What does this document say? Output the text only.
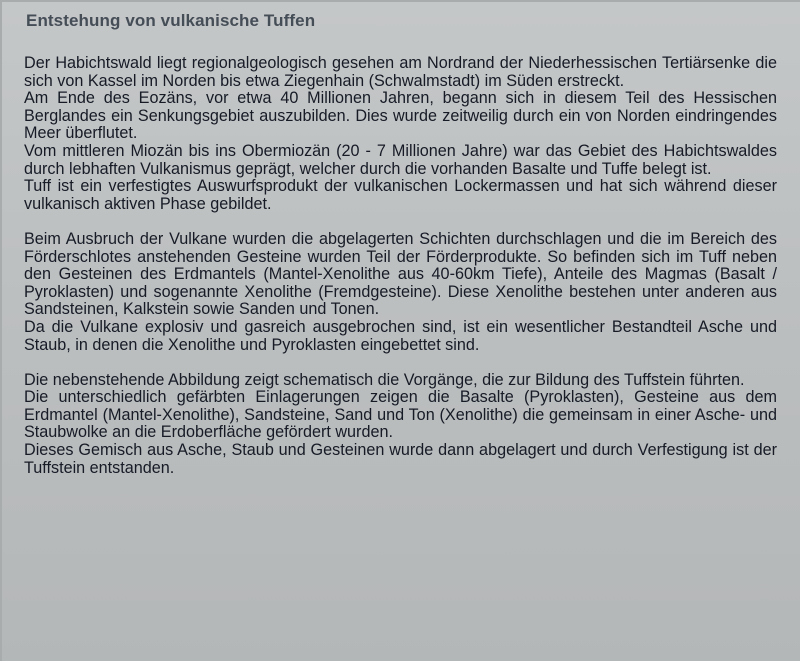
Entstehung von vulkanische Tuffen

Der Habichtswald liegt regionalgeologisch gesehen am Nordrand der Niederhessischen Tertiärsenke die sich von Kassel im Norden bis etwa Ziegenhain (Schwalmstadt) im Süden erstreckt.

Am Ende des Eozäns, vor etwa 40 Millionen Jahren, begann sich in diesem Teil des Hessischen Berglandes ein Senkungsgebiet auszubilden. Dies wurde zeitweilig durch ein von Norden eindringendes Meer überflutet.

Vom mittleren Miozän bis ins Obermiozän (20 - 7 Millionen Jahre) war das Gebiet des Habichtswaldes durch lebhaften Vulkanismus geprägt, welcher durch die vorhanden Basalte und Tuffe belegt ist.

Tuff ist ein verfestigtes Auswurfsprodukt der vulkanischen Lockermassen und hat sich während dieser vulkanisch aktiven Phase gebildet.

Beim Ausbruch der Vulkane wurden die abgelagerten Schichten durchschlagen und die im Bereich des Förderschlotes anstehenden Gesteine wurden Teil der Förderprodukte. So befinden sich im Tuff neben den Gesteinen des Erdmantels (Mantel-Xenolithe aus 40-60km Tiefe), Anteile des Magmas (Basalt / Pyroklasten) und sogenannte Xenolithe (Fremdgesteine). Diese Xenolithe bestehen unter anderen aus Sandsteinen, Kalkstein sowie Sanden und Tonen.

Da die Vulkane explosiv und gasreich ausgebrochen sind, ist ein wesentlicher Bestandteil Asche und Staub, in denen die Xenolithe und Pyroklasten eingebettet sind.

Die nebenstehende Abbildung zeigt schematisch die Vorgänge, die zur Bildung des Tuffstein führten.

Die unterschiedlich gefärbten Einlagerungen zeigen die Basalte (Pyroklasten), Gesteine aus dem Erdmantel (Mantel-Xenolithe), Sandsteine, Sand und Ton (Xenolithe) die gemeinsam in einer Asche- und Staubwolke an die Erdoberfläche gefördert wurden.

Dieses Gemisch aus Asche, Staub und Gesteinen wurde dann abgelagert und durch Verfestigung ist der Tuffstein entstanden.
